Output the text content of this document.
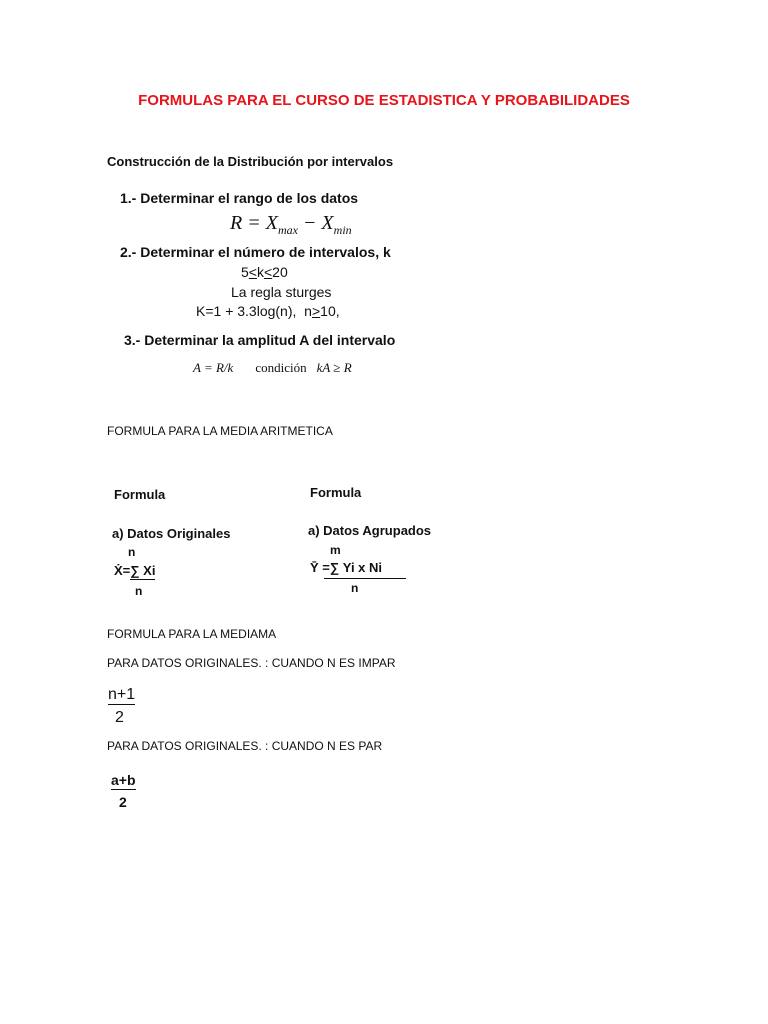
FORMULAS PARA EL CURSO DE ESTADISTICA Y PROBABILIDADES
Construcción de la Distribución por intervalos
1.- Determinar el rango de los datos
$R = X_{max} - X_{min}$
2.- Determinar el número de intervalos, k
5<k<20
La regla sturges
K=1 + 3.3log(n),  n>10,
3.- Determinar la amplitud A del intervalo
A = R/k condición kA ≥ R
FORMULA PARA LA MEDIA ARITMETICA
Formula
a) Datos Originales
n
Ẋ=∑ Xi
n
Formula
a) Datos Agrupados
m
Ῡ =∑ Yi x Ni
n
FORMULA PARA LA MEDIAMA
PARA DATOS ORIGINALES. : CUANDO N ES IMPAR
n+1
2
PARA DATOS ORIGINALES. : CUANDO N ES PAR
a+b
2
